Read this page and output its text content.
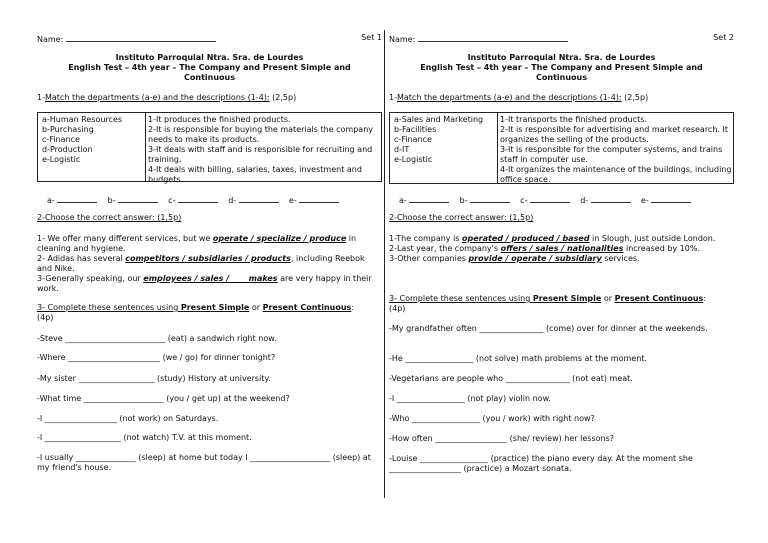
Name:	Set 1
Instituto Parroquial Ntra. Sra. de Lourdes
English Test – 4th year – The Company and Present Simple and Continuous
1-Match the departments (a-e) and the descriptions (1-4): (2,5p)
a-Human Resources
b-Purchasing
c-Finance
d-Production
e-Logistic
1-It produces the finished products.
2-It is responsible for buying the materials the company needs to make its products.
3-It deals with staff and is responsible for recruiting and training.
4-It deals with billing, salaries, taxes, investment and budgets.
a-	b-	c-	d-	e-
2-Choose the correct answer: (1,5p)
1- We offer many different services, but we operate / specialize / produce in cleaning and hygiene.
2- Adidas has several competitors / subsidiaries / products, including Reebok and Nike.
3-Generally speaking, our employees / sales /       makes are very happy in their work.
3- Complete these sentences using Present Simple or Present Continuous:
(4p)
-Steve _________________________ (eat) a sandwich right now.
-Where _______________________ (we / go) for dinner tonight?
-My sister ___________________ (study) History at university.
-What time ____________________ (you / get up) at the weekend?
-I __________________ (not work) on Saturdays.
-I ___________________ (not watch) T.V. at this moment.
-I usually _______________ (sleep) at home but today I ____________________ (sleep) at my friend's house.
Name:	Set 2
Instituto Parroquial Ntra. Sra. de Lourdes
English Test – 4th year – The Company and Present Simple and Continuous
1-Match the departments (a-e) and the descriptions (1-4): (2,5p)
a-Sales and Marketing
b-Facilities
c-Finance
d-IT
e-Logistic
1-It transports the finished products.
2-It is responsible for advertising and market research. It organizes the selling of the products.
3-It is responsible for the computer systems, and trains staff in computer use.
4-It organizes the maintenance of the buildings, including office space.
a-	b-	c-	d-	e-
2-Choose the correct answer: (1,5p)
1-The company is operated / produced / based in Slough, just outside London.
2-Last year, the company's offers / sales / nationalities increased by 10%.
3-Other companies provide / operate / subsidiary services.
3- Complete these sentences using Present Simple or Present Continuous:
(4p)
-My grandfather often ________________ (come) over for dinner at the weekends.
-He _________________ (not solve) math problems at the moment.
-Vegetarians are people who ________________ (not eat) meat.
-I _________________ (not play) violin now.
-Who _________________ (you / work) with right now?
-How often __________________ (she/ review) her lessons?
-Louise _________________ (practice) the piano every day. At the moment she __________________ (practice) a Mozart sonata.
